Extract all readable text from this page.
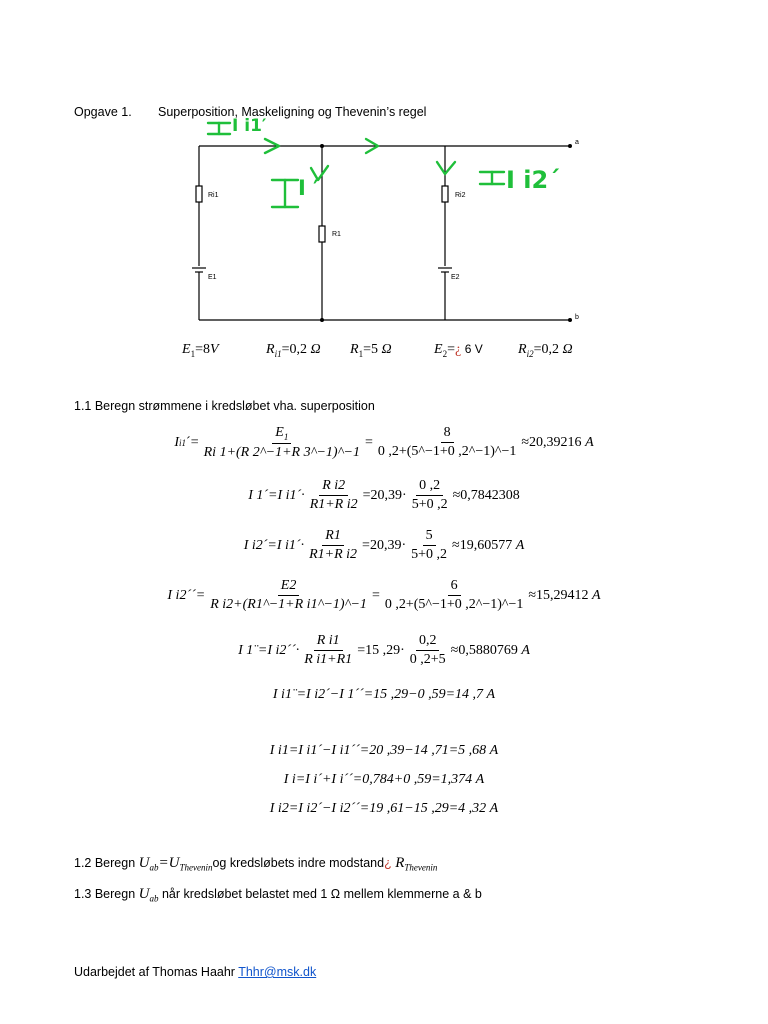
Opgave 1. Superposition, Maskeligning og Thevenin’s regel
Ri1
R1
Ri2
E1	E2
a
b
I i1′
I ′	I i2´
$E_1=8V$	$R_{i1}=0,2$ Ω $R_1=5$ Ω	$E_2=¿$ 6 V	$R_{i2}=0,2$ Ω
1.1 Beregn strømmene i kredsløbet vha. superposition
I i1 ´ = $\frac{E_1}{Ri 1+(R 2\^{}-1+R 3\^{}-1)\^{}-1} = \frac{8}{0 ,2+(5\^{}-1+0 ,2\^{}-1)\^{}-1} \approx 20,39216$
A
I 1´=I i1´· $\frac{\text{R i2}}{\text{R1+R i2}} =20,39\cdot \frac{0 ,2}{5+0 ,2} \approx 0,7842308$
I i2´=I i1´· $\frac{R1}{\text{R1+R i2}} =20,39\cdot \frac{5}{5+0 ,2} \approx 19,60577$
A
I i2´´= $\frac{E2}{\text{R i2+(R1\textasciicircum{}−1+R i1\textasciicircum{}−1)\textasciicircum{}−1}} = \frac{6}{0 ,2+(5\^{}-1+0 ,2\^{}-1)\^{}-1} \approx 15,29412$
A
I 1¨=I i2´´· $\frac{\text{R i1}}{\text{R i1+R1}} =15$ $,29\cdot \frac{0,2}{0 ,2+5} \approx 0,5880769$
A
I i1¨=I i2´−I 1´´=15 ,29−0 ,59=14 ,7
A
I i1=I i1´−I i1´´=20 ,39−14 ,71=5 ,68
A
I i=I i´+I i´´=0,784+0 ,59=1,374
A
I i2=I i2´−I i2´´=19 ,61−15 ,29=4 ,32
A
1.2 Beregn $U_{ab}=U_{Thevenin}og$ kredsløbets indre modstand¿ $R_{Thevenin}$
1.3 Beregn $U_{ab}$ når kredsløbet belastet med 1 Ω mellem klemmerne a & b
Udarbejdet af Thomas Haahr Thhr@msk.dk
